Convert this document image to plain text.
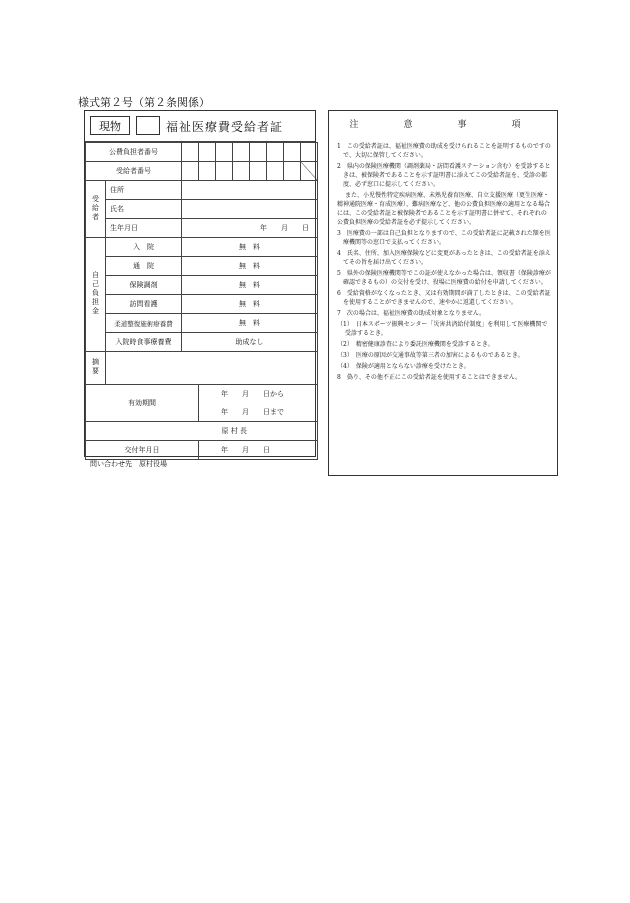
様式第２号（第２条関係）
現物	福祉医療費受給者証
公費負担者番号									
受給者番号									
受給者	住所								
	氏名								
	生年月日	年　　月　　日							
自己負担金	入　院	無　料							
	通　院	無　料							
	保険調剤	無　料							
	訪問看護	無　料							
	柔道整復施術療養費	無　料							
	入院時食事療養費	助成なし							
摘要									
有効期間			年　　月　　日から						
			年　　月　　日まで						
原 村 長									
交付年月日			年　　月　　日						
問い合わせ先　原村役場
注　意　事　項

1　この受給者証は、福祉医療費の助成を受けられることを証明するものですので、大切に保管してください。

2　県内の保険医療機関（調剤薬局・訪問看護ステーション含む）を受診するときは、被保険者であることを示す証明書に添えてこの受給者証を、受診の都度、必ず窓口に提示してください。

また、小児慢性特定疾病医療、未熟児養育医療、自立支援医療（更生医療・精神通院医療・育成医療）、難病医療など、他の公費負担医療の適用となる場合には、この受給者証と被保険者であることを示す証明書に併せて、それぞれの公費負担医療の受給者証を必ず提示してください。

3　医療費の一部は自己負担となりますので、この受給者証に記載された額を医療機関等の窓口で支払ってください。

4　氏名、住所、加入医療保険などに変更があったときは、この受給者証を添えてその旨を届け出てください。

5　県外の保険医療機関等でこの証が使えなかった場合は、領収書（保険診療が確認できるもの）の交付を受け、役場に医療費の給付を申請してください。

6　受給資格がなくなったとき、又は有効期間が満了したときは、この受給者証を使用することができませんので、速やかに返還してください。

7　次の場合は、福祉医療費の助成対象となりません。

（1）　日本スポーツ振興センター「災害共済給付制度」を利用して医療機関で受診するとき。

（2）　精密健康診査により委託医療機関を受診するとき。

（3）　医療の原因が交通事故等第三者の加害によるものであるとき。

（4）　保険が適用とならない診療を受けたとき。

8　偽り、その他不正にこの受給者証を使用することはできません。
